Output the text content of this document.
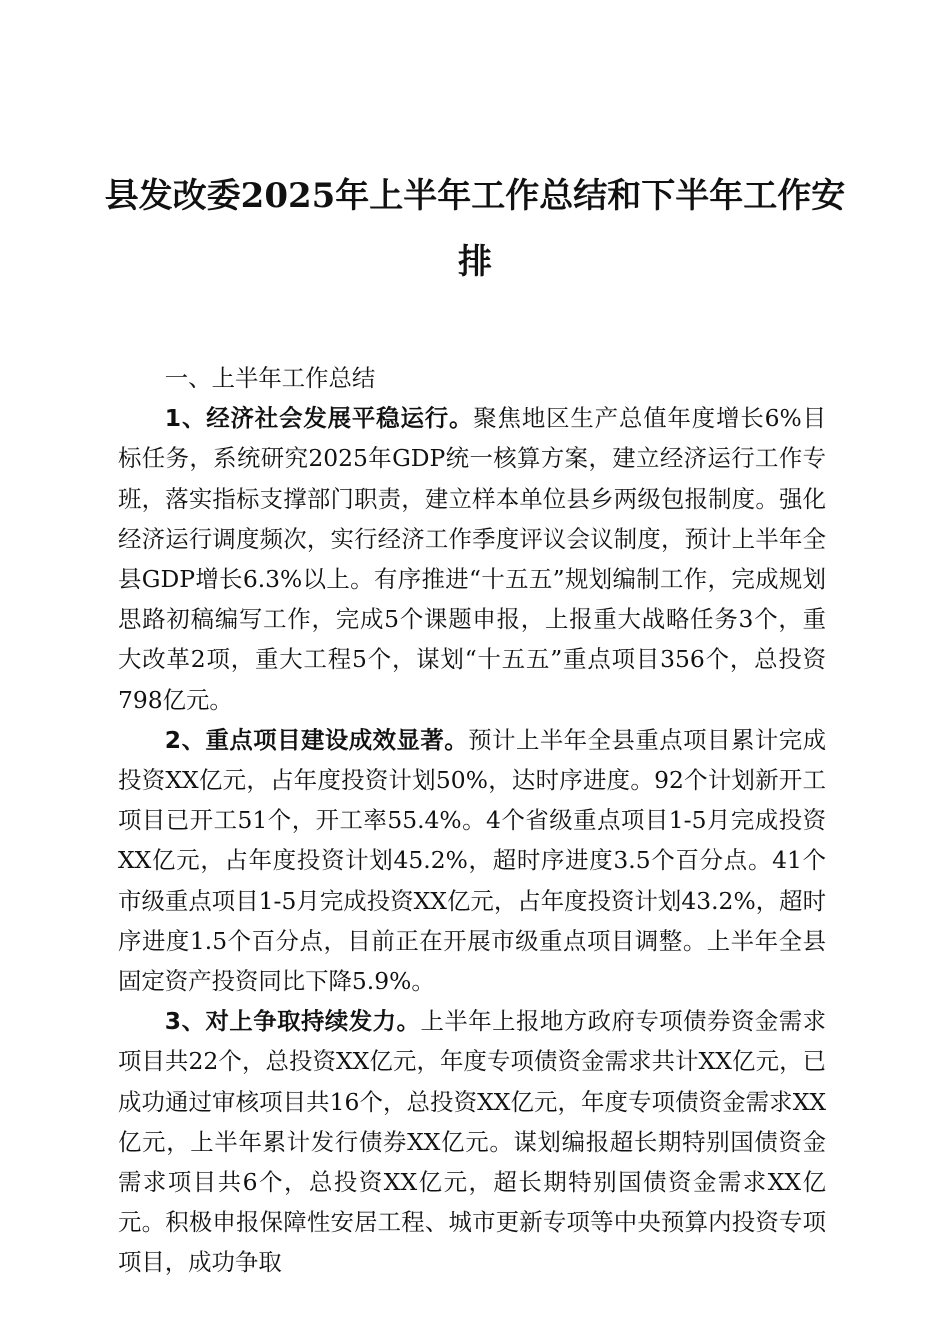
县发改委2025年上半年工作总结和下半年工作安排

一、上半年工作总结

1、经济社会发展平稳运行。聚焦地区生产总值年度增长6%目标任务，系统研究2025年GDP统一核算方案，建立经济运行工作专班，落实指标支撑部门职责，建立样本单位县乡两级包报制度。强化经济运行调度频次，实行经济工作季度评议会议制度，预计上半年全县GDP增长6.3%以上。有序推进“十五五”规划编制工作，完成规划思路初稿编写工作，完成5个课题申报，上报重大战略任务3个，重大改革2项，重大工程5个，谋划“十五五”重点项目356个，总投资798亿元。

2、重点项目建设成效显著。预计上半年全县重点项目累计完成投资XX亿元，占年度投资计划50%，达时序进度。92个计划新开工项目已开工51个，开工率55.4%。4个省级重点项目1-5月完成投资XX亿元，占年度投资计划45.2%，超时序进度3.5个百分点。41个市级重点项目1-5月完成投资XX亿元，占年度投资计划43.2%，超时序进度1.5个百分点，目前正在开展市级重点项目调整。上半年全县固定资产投资同比下降5.9%。

3、对上争取持续发力。上半年上报地方政府专项债券资金需求项目共22个，总投资XX亿元，年度专项债资金需求共计XX亿元，已成功通过审核项目共16个，总投资XX亿元，年度专项债资金需求XX亿元，上半年累计发行债券XX亿元。谋划编报超长期特别国债资金需求项目共6个，总投资XX亿元，超长期特别国债资金需求XX亿元。积极申报保障性安居工程、城市更新专项等中央预算内投资专项项目，成功争取
